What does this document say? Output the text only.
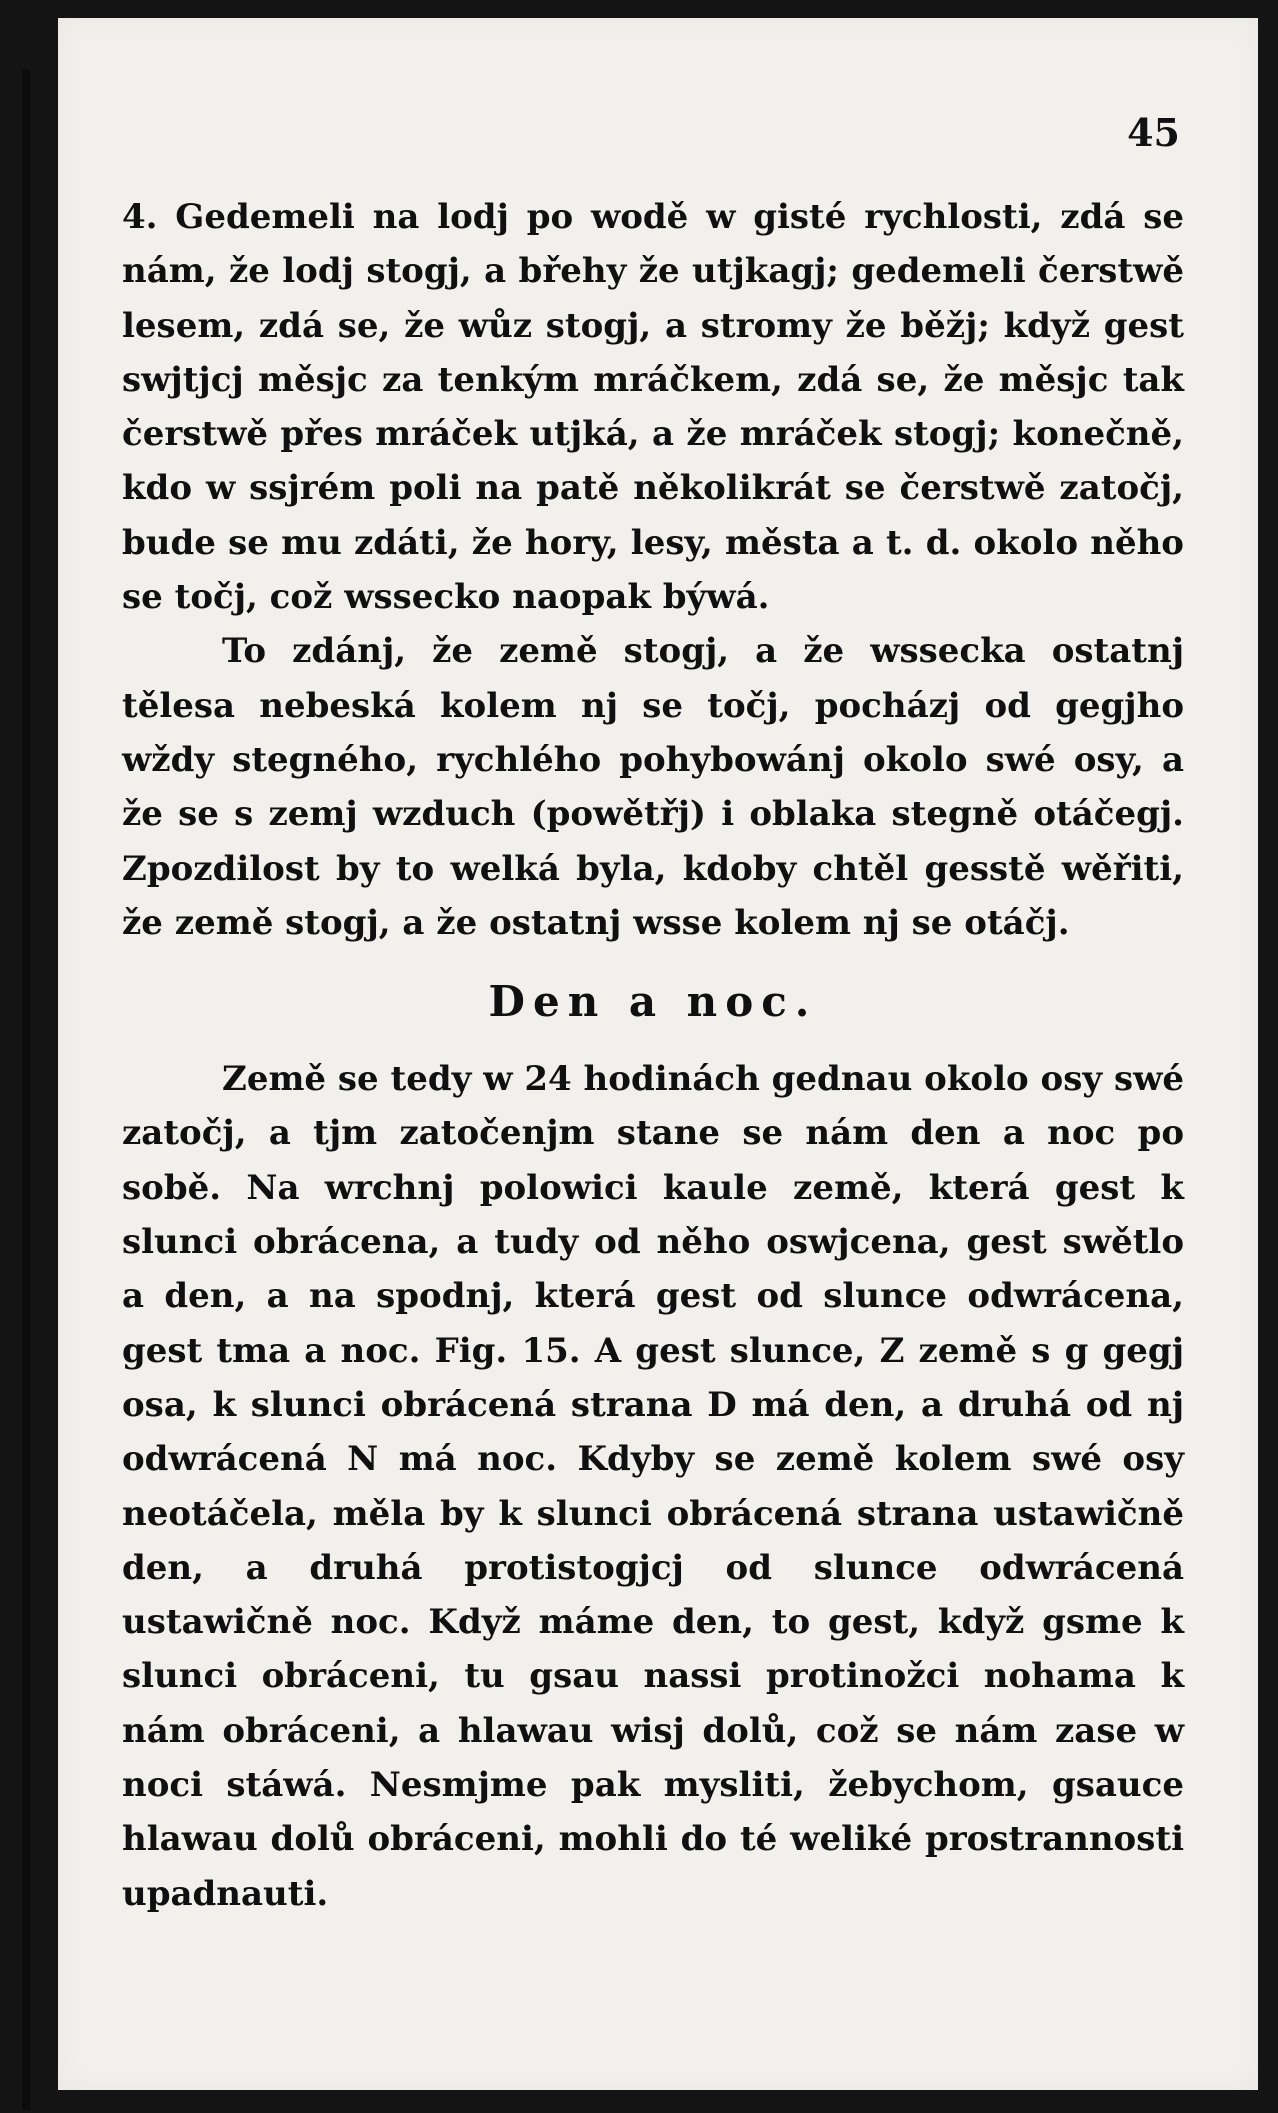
45

4. Gedemeli na lodj po wodě w gisté rychlosti, zdá se nám, že lodj stogj, a břehy že utjkagj; gedemeli čerstwě lesem, zdá se, že wůz stogj, a stromy že běžj; když gest swjtjcj měsjc za tenkým mráčkem, zdá se, že měsjc tak čerstwě přes mráček utjká, a že mráček stogj; konečně, kdo w ssjrém poli na patě několikrát se čerstwě zatočj, bude se mu zdáti, že hory, lesy, města a t. d. okolo něho se točj, což wssecko naopak býwá.

To zdánj, že země stogj, a že wssecka ostatnj tělesa nebeská kolem nj se točj, pocházj od gegjho wždy stegného, rychlého pohybowánj okolo swé osy, a že se s zemj wzduch (powětřj) i oblaka stegně otáčegj. Zpozdilost by to welká byla, kdoby chtěl gesstě wěřiti, že země stogj, a že ostatnj wsse kolem nj se otáčj.

Den a noc.

Země se tedy w 24 hodinách gednau okolo osy swé zatočj, a tjm zatočenjm stane se nám den a noc po sobě. Na wrchnj polowici kaule země, která gest k slunci obrácena, a tudy od něho oswjcena, gest swětlo a den, a na spodnj, která gest od slunce odwrácena, gest tma a noc. Fig. 15. A gest slunce, Z země s g gegj osa, k slunci obrácená strana D má den, a druhá od nj odwrácená N má noc. Kdyby se země kolem swé osy neotáčela, měla by k slunci obrácená strana ustawičně den, a druhá protistogjcj od slunce odwrácená ustawičně noc. Když máme den, to gest, když gsme k slunci obráceni, tu gsau nassi protinožci nohama k nám obráceni, a hlawau wisj dolů, což se nám zase w noci stáwá. Nesmjme pak mysliti, žebychom, gsauce hlawau dolů obráceni, mohli do té weliké prostrannosti upadnauti.
